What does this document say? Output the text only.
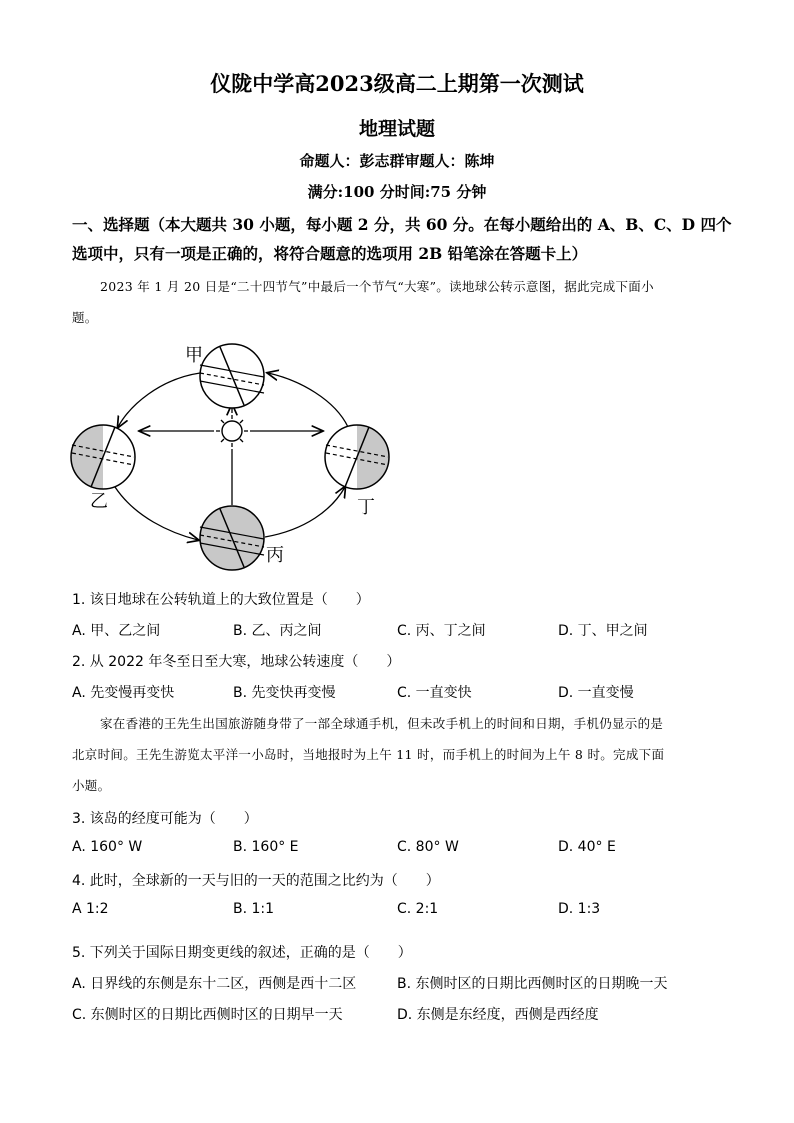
仪陇中学高2023级高二上期第一次测试
地理试题
命题人：彭志群审题人：陈坤
满分:100 分时间:75 分钟
一、选择题（本大题共 30 小题，每小题 2 分，共 60 分。在每小题给出的 A、B、C、D 四个
选项中，只有一项是正确的，将符合题意的选项用 2B 铅笔涂在答题卡上）
2023 年 1 月 20 日是“二十四节气”中最后一个节气“大寒”。读地球公转示意图，据此完成下面小
题。
甲
乙
丙
丁
1. 该日地球在公转轨道上的大致位置是（　　）
A. 甲、乙之间	B. 乙、丙之间	C. 丙、丁之间	D. 丁、甲之间
2. 从 2022 年冬至日至大寒，地球公转速度（　　）
A. 先变慢再变快	B. 先变快再变慢	C. 一直变快	D. 一直变慢
家在香港的王先生出国旅游随身带了一部全球通手机，但未改手机上的时间和日期，手机仍显示的是
北京时间。王先生游览太平洋一小岛时，当地报时为上午 11 时，而手机上的时间为上午 8 时。完成下面
小题。
3. 该岛的经度可能为（　　）
A. 160° W	B. 160° E	C. 80° W	D. 40° E
4. 此时，全球新的一天与旧的一天的范围之比约为（　　）
A 1:2	B. 1:1	C. 2:1	D. 1:3
5. 下列关于国际日期变更线的叙述，正确的是（　　）
A. 日界线的东侧是东十二区，西侧是西十二区	B. 东侧时区的日期比西侧时区的日期晚一天
C. 东侧时区的日期比西侧时区的日期早一天	D. 东侧是东经度，西侧是西经度
